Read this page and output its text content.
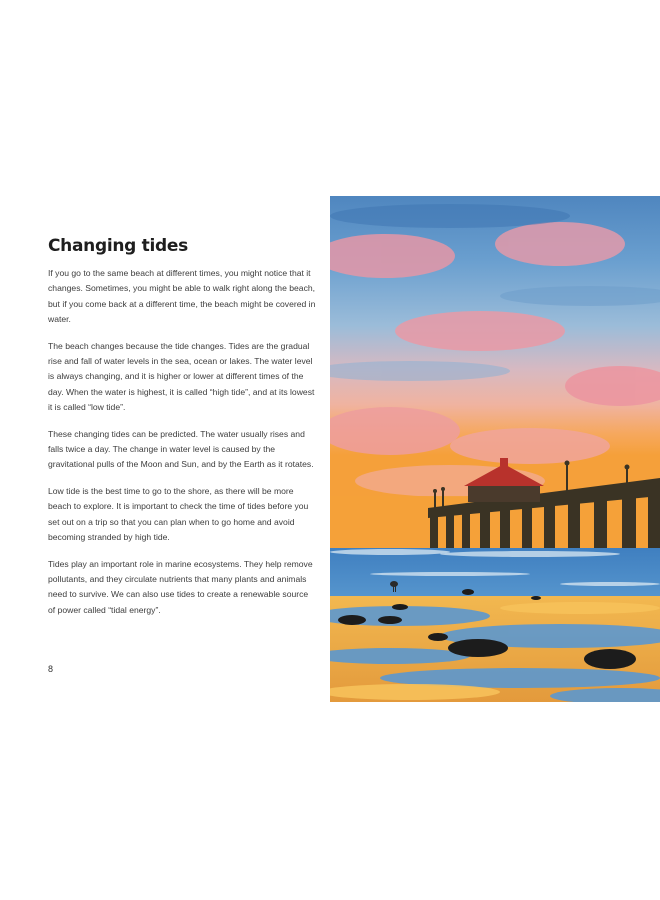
Changing tides

If you go to the same beach at different times, you might notice that it changes. Sometimes, you might be able to walk right along the beach, but if you come back at a different time, the beach might be covered in water.

The beach changes because the tide changes. Tides are the gradual rise and fall of water levels in the sea, ocean or lakes. The water level is always changing, and it is higher or lower at different times of the day. When the water is highest, it is called “high tide”, and at its lowest it is called “low tide”.

These changing tides can be predicted. The water usually rises and falls twice a day. The change in water level is caused by the gravitational pulls of the Moon and Sun, and by the Earth as it rotates.

Low tide is the best time to go to the shore, as there will be more beach to explore. It is important to check the time of tides before you set out on a trip so that you can plan when to go home and avoid becoming stranded by high tide.

Tides play an important role in marine ecosystems. They help remove pollutants, and they circulate nutrients that many plants and animals need to survive. We can also use tides to create a renewable source of power called “tidal energy”.

8
